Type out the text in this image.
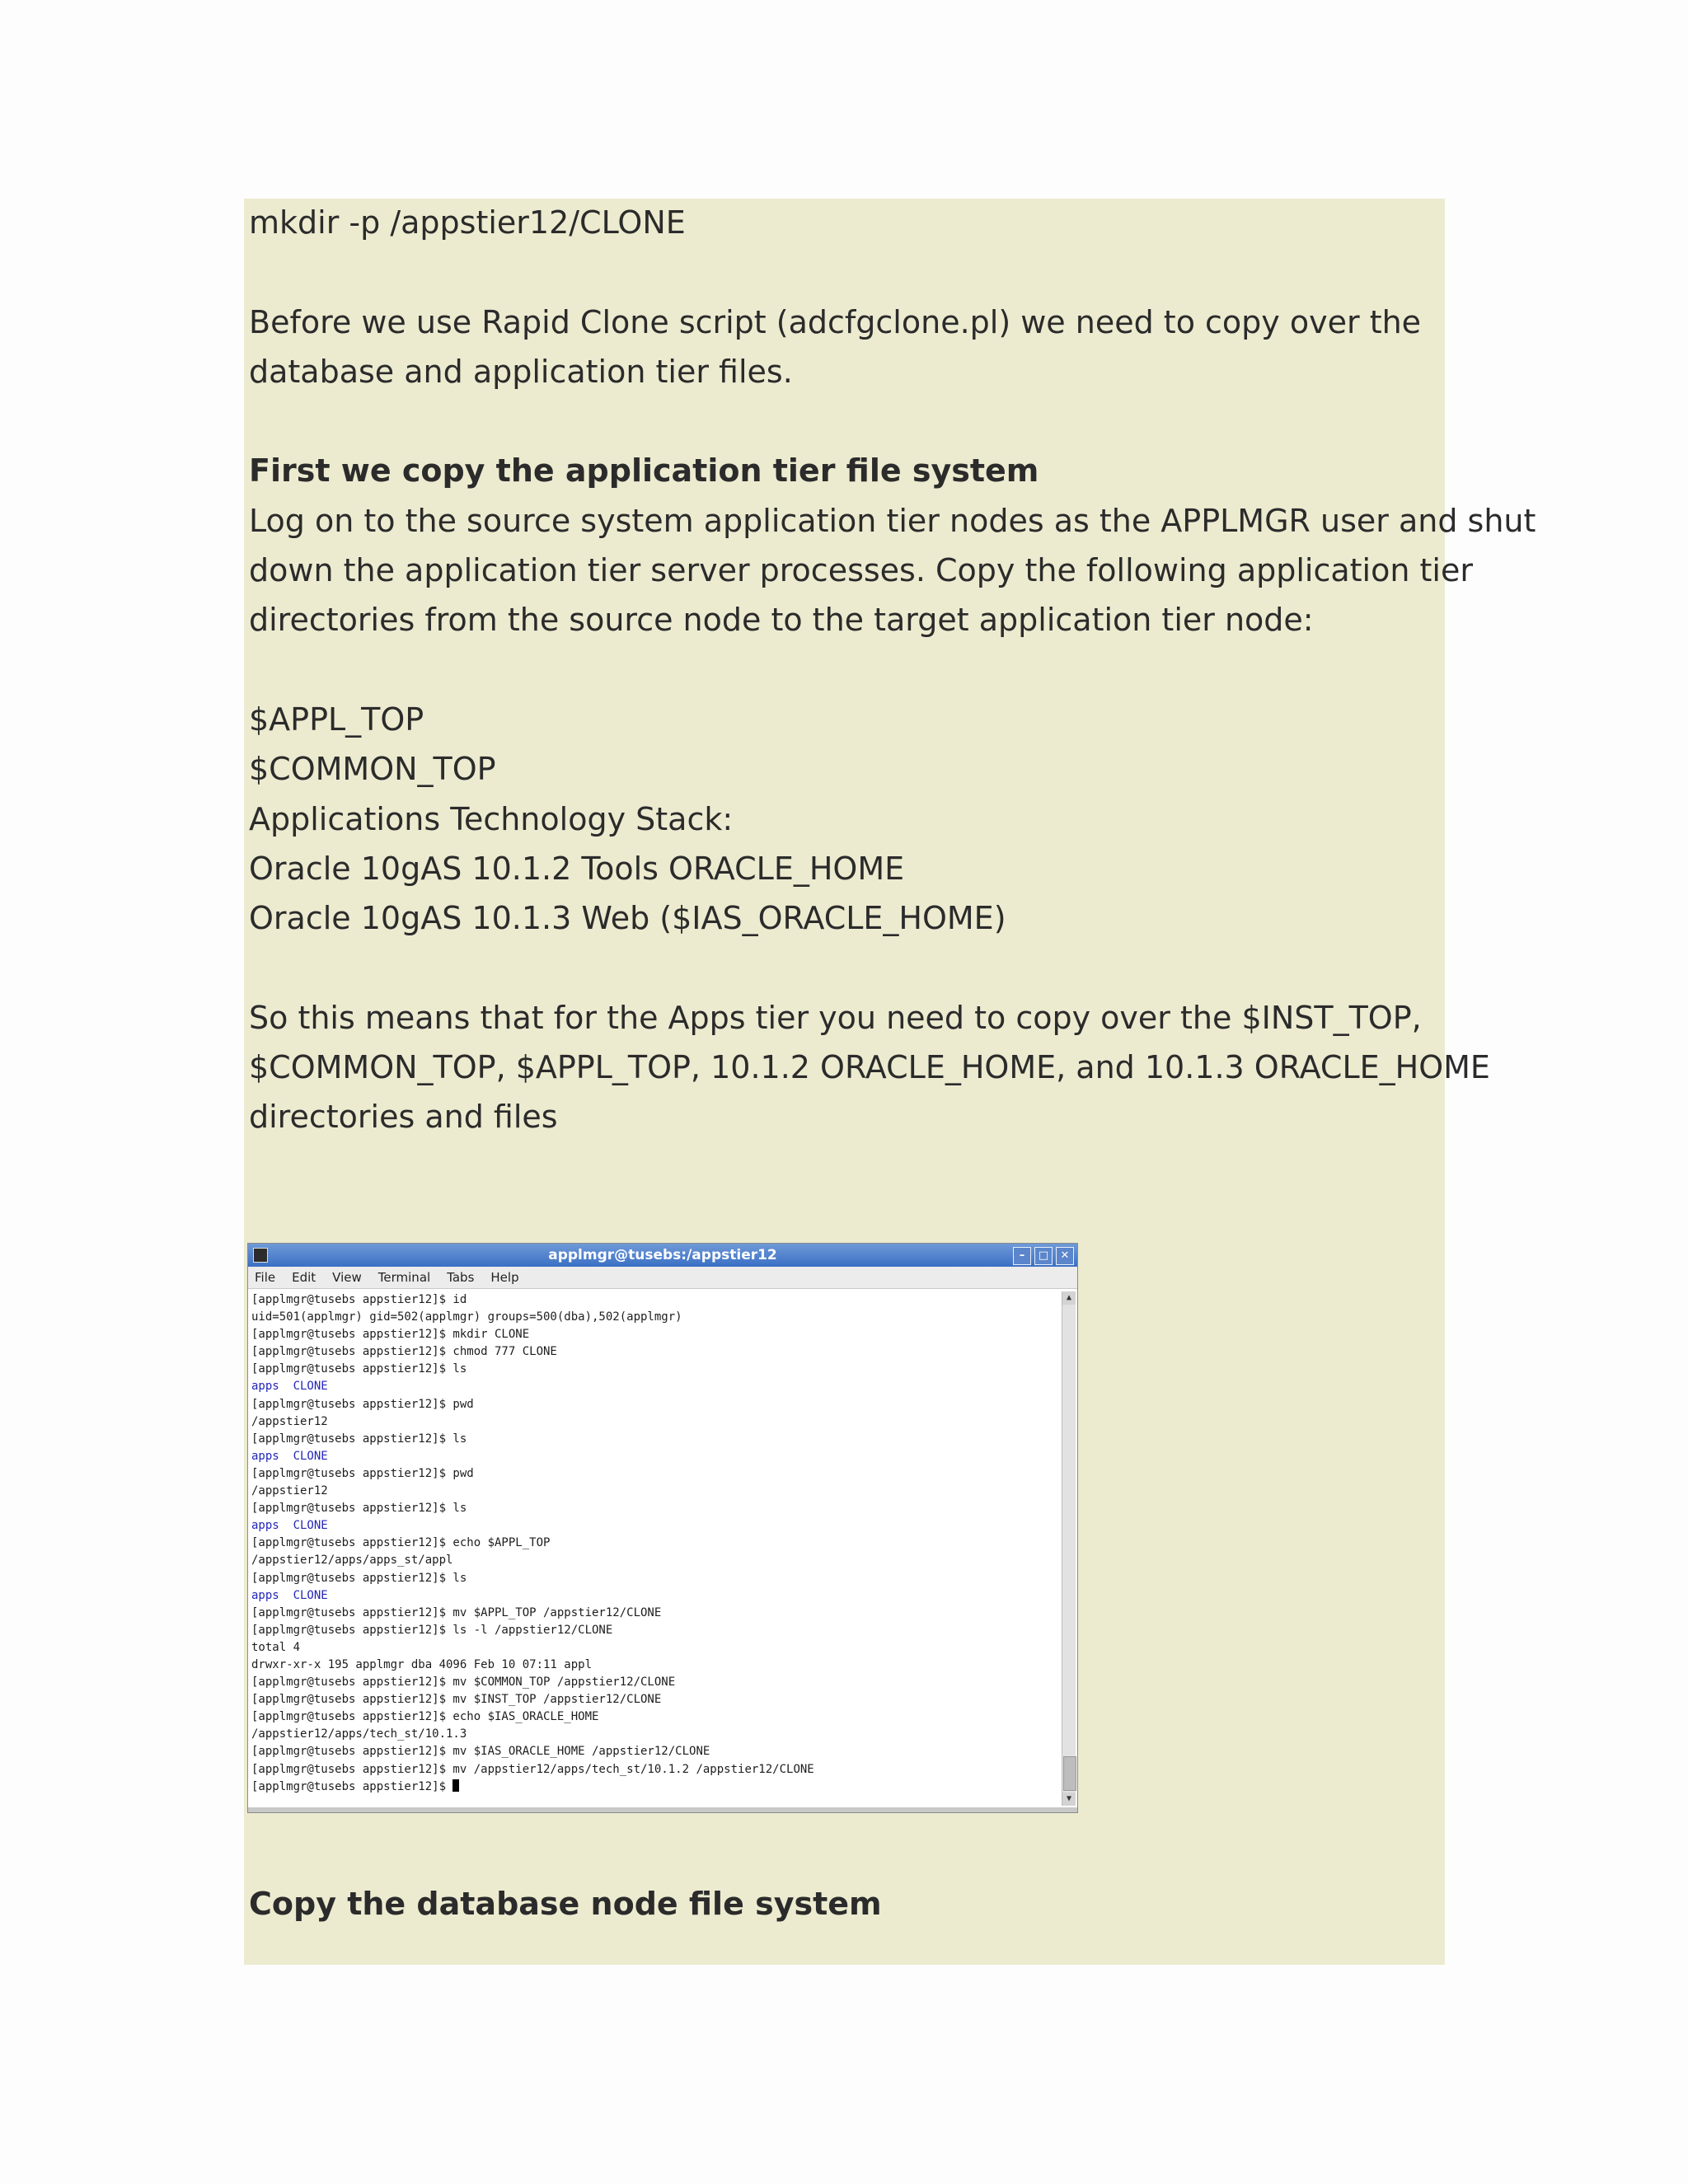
mkdir -p /appstier12/CLONE

Before we use Rapid Clone script (adcfgclone.pl) we need to copy over the

database and application tier files.

First we copy the application tier file system

Log on to the source system application tier nodes as the APPLMGR user and shut

down the application tier server processes. Copy the following application tier

directories from the source node to the target application tier node:

$APPL_TOP

$COMMON_TOP

Applications Technology Stack:

Oracle 10gAS 10.1.2 Tools ORACLE_HOME

Oracle 10gAS 10.1.3 Web ($IAS_ORACLE_HOME)

So this means that for the Apps tier you need to copy over the $INST_TOP,

$COMMON_TOP, $APPL_TOP, 10.1.2 ORACLE_HOME, and 10.1.3 ORACLE_HOME

directories and files

applmgr@tusebs:/appstier12	–	□	✕
File Edit View Terminal Tabs Help
[applmgr@tusebs appstier12]$ id
uid=501(applmgr) gid=502(applmgr) groups=500(dba),502(applmgr)
[applmgr@tusebs appstier12]$ mkdir CLONE
[applmgr@tusebs appstier12]$ chmod 777 CLONE
[applmgr@tusebs appstier12]$ ls
apps  CLONE
[applmgr@tusebs appstier12]$ pwd
/appstier12
[applmgr@tusebs appstier12]$ ls
apps  CLONE
[applmgr@tusebs appstier12]$ pwd
/appstier12
[applmgr@tusebs appstier12]$ ls
apps  CLONE
[applmgr@tusebs appstier12]$ echo $APPL_TOP
/appstier12/apps/apps_st/appl
[applmgr@tusebs appstier12]$ ls
apps  CLONE
[applmgr@tusebs appstier12]$ mv $APPL_TOP /appstier12/CLONE
[applmgr@tusebs appstier12]$ ls -l /appstier12/CLONE
total 4
drwxr-xr-x 195 applmgr dba 4096 Feb 10 07:11 appl
[applmgr@tusebs appstier12]$ mv $COMMON_TOP /appstier12/CLONE
[applmgr@tusebs appstier12]$ mv $INST_TOP /appstier12/CLONE
[applmgr@tusebs appstier12]$ echo $IAS_ORACLE_HOME
/appstier12/apps/tech_st/10.1.3
[applmgr@tusebs appstier12]$ mv $IAS_ORACLE_HOME /appstier12/CLONE
[applmgr@tusebs appstier12]$ mv /appstier12/apps/tech_st/10.1.2 /appstier12/CLONE
[applmgr@tusebs appstier12]$
▲
▼

Copy the database node file system
